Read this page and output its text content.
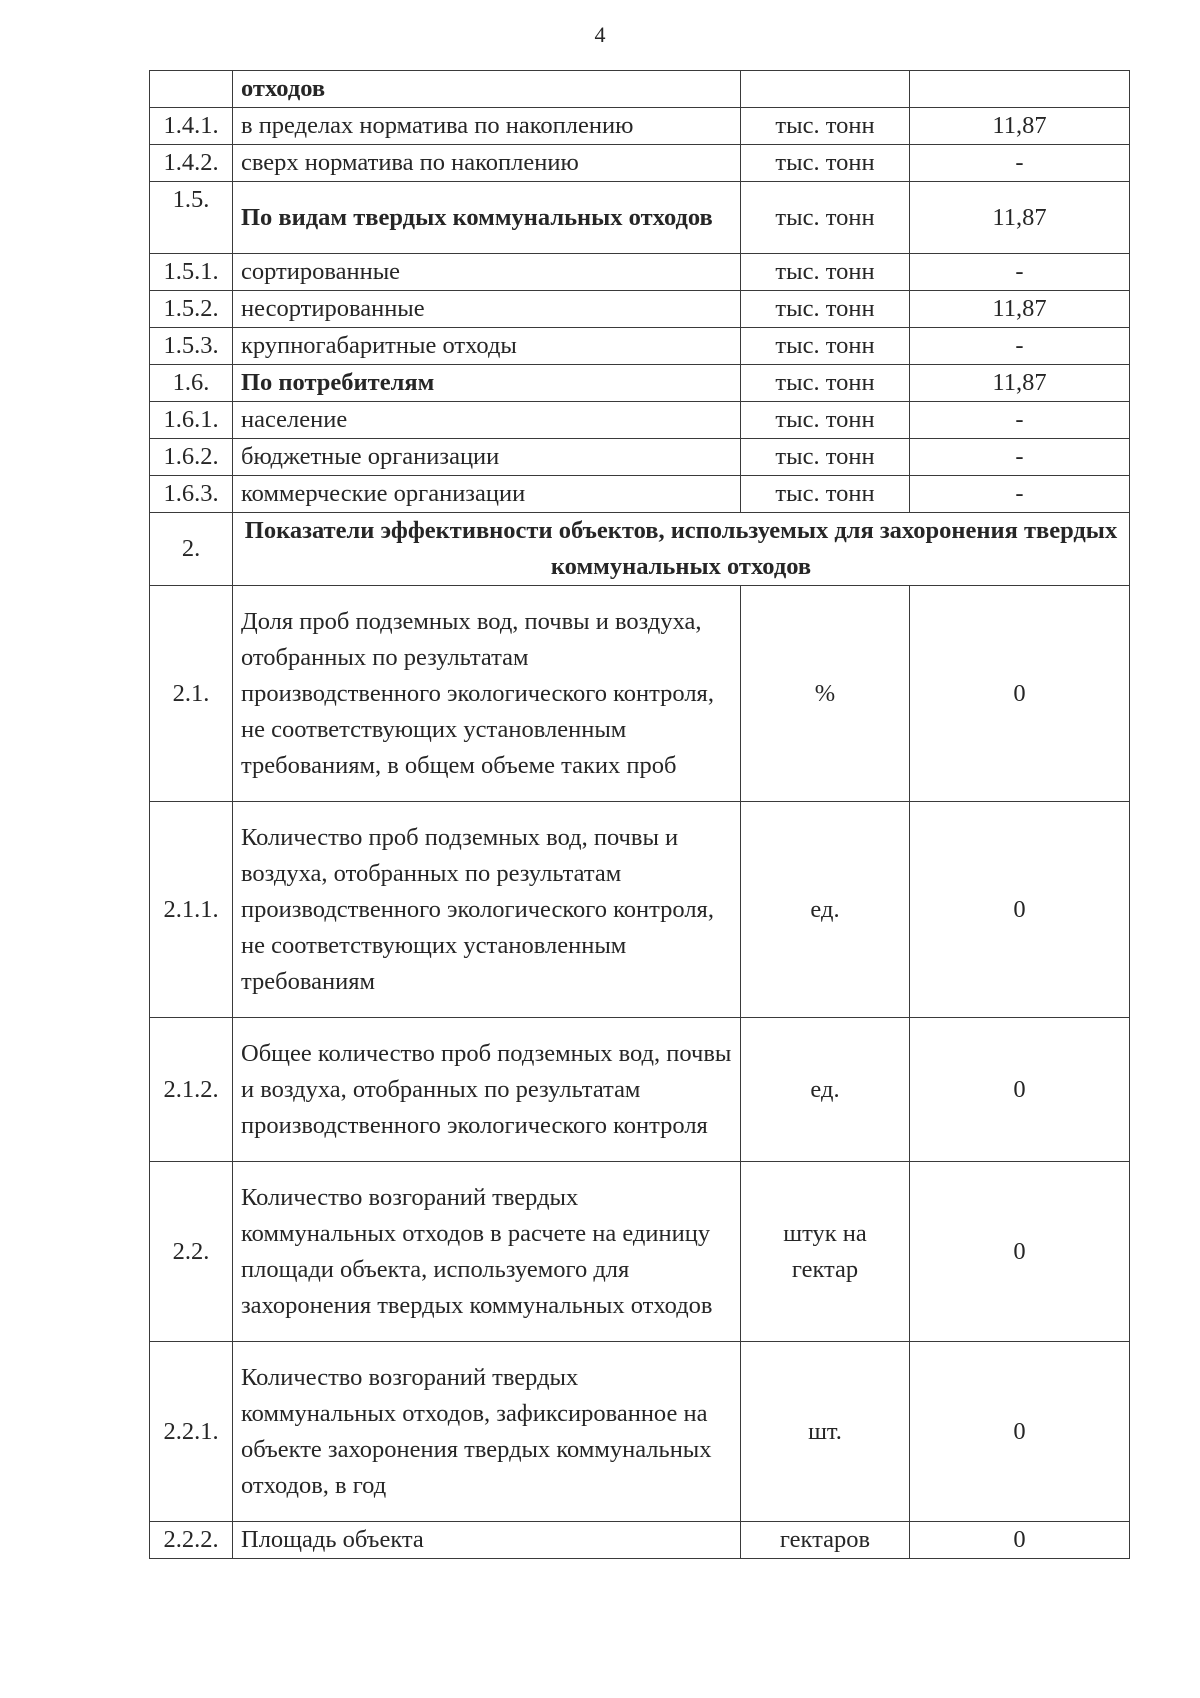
4
	отходов		
1.4.1.	в пределах норматива по накоплению	тыс. тонн	11,87
1.4.2.	сверх норматива по накоплению	тыс. тонн	-
1.5.	По видам твердых коммунальных отходов	тыс. тонн	11,87
1.5.1.	сортированные	тыс. тонн	-
1.5.2.	несортированные	тыс. тонн	11,87
1.5.3.	крупногабаритные отходы	тыс. тонн	-
1.6.	По потребителям	тыс. тонн	11,87
1.6.1.	население	тыс. тонн	-
1.6.2.	бюджетные организации	тыс. тонн	-
1.6.3.	коммерческие организации	тыс. тонн	-
2.	Показатели эффективности объектов, используемых для захоронения твердых коммунальных отходов		
2.1.	Доля проб подземных вод, почвы и воздуха, отобранных по результатам производственного экологического контроля, не соответствующих установленным требованиям, в общем объеме таких проб	%	0
2.1.1.	Количество проб подземных вод, почвы и воздуха, отобранных по результатам производственного экологического контроля, не соответствующих установленным требованиям	ед.	0
2.1.2.	Общее количество проб подземных вод, почвы и воздуха, отобранных по результатам производственного экологического контроля	ед.	0
2.2.	Количество возгораний твердых коммунальных отходов в расчете на единицу площади объекта, используемого для захоронения твердых коммунальных отходов	штук на гектар	0
2.2.1.	Количество возгораний твердых коммунальных отходов, зафиксированное на объекте захоронения твердых коммунальных отходов, в год	шт.	0
2.2.2.	Площадь объекта	гектаров	0
